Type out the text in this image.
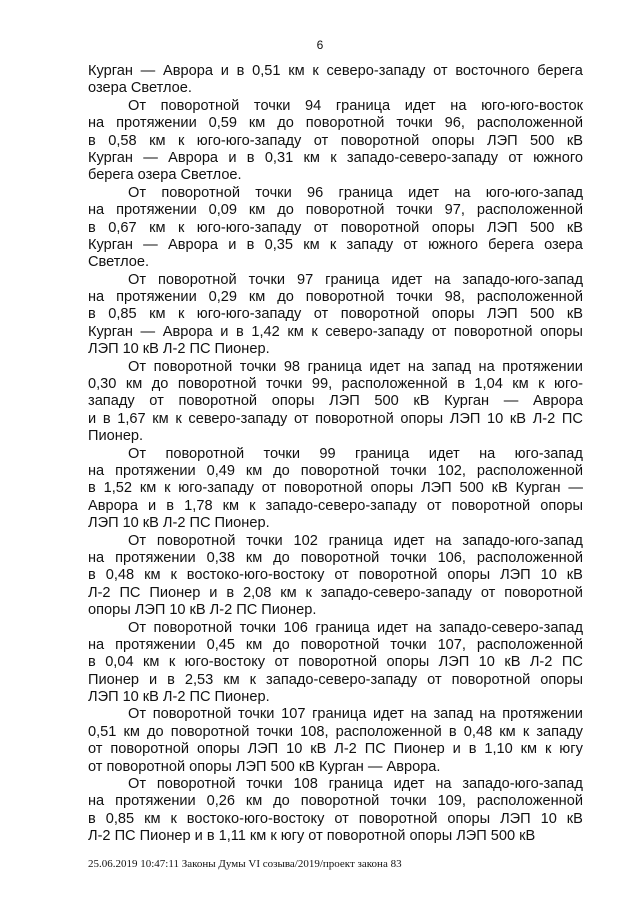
6
Курган — Аврора и в 0,51 км к северо-западу от восточного берега
озера Светлое.
От поворотной точки 94 граница идет на юго-юго-восток
на протяжении 0,59 км до поворотной точки 96, расположенной
в 0,58 км к юго-юго-западу от поворотной опоры ЛЭП 500 кВ
Курган — Аврора и в 0,31 км к западо-северо-западу от южного
берега озера Светлое.
От поворотной точки 96 граница идет на юго-юго-запад
на протяжении 0,09 км до поворотной точки 97, расположенной
в 0,67 км к юго-юго-западу от поворотной опоры ЛЭП 500 кВ
Курган — Аврора и в 0,35 км к западу от южного берега озера
Светлое.
От поворотной точки 97 граница идет на западо-юго-запад
на протяжении 0,29 км до поворотной точки 98, расположенной
в 0,85 км к юго-юго-западу от поворотной опоры ЛЭП 500 кВ
Курган — Аврора и в 1,42 км к северо-западу от поворотной опоры
ЛЭП 10 кВ Л-2 ПС Пионер.
От поворотной точки 98 граница идет на запад на протяжении
0,30 км до поворотной точки 99, расположенной в 1,04 км к юго-
западу от поворотной опоры ЛЭП 500 кВ Курган — Аврора
и в 1,67 км к северо-западу от поворотной опоры ЛЭП 10 кВ Л-2 ПС
Пионер.
От поворотной точки 99 граница идет на юго-запад
на протяжении 0,49 км до поворотной точки 102, расположенной
в 1,52 км к юго-западу от поворотной опоры ЛЭП 500 кВ Курган —
Аврора и в 1,78 км к западо-северо-западу от поворотной опоры
ЛЭП 10 кВ Л-2 ПС Пионер.
От поворотной точки 102 граница идет на западо-юго-запад
на протяжении 0,38 км до поворотной точки 106, расположенной
в 0,48 км к востоко-юго-востоку от поворотной опоры ЛЭП 10 кВ
Л-2 ПС Пионер и в 2,08 км к западо-северо-западу от поворотной
опоры ЛЭП 10 кВ Л-2 ПС Пионер.
От поворотной точки 106 граница идет на западо-северо-запад
на протяжении 0,45 км до поворотной точки 107, расположенной
в 0,04 км к юго-востоку от поворотной опоры ЛЭП 10 кВ Л-2 ПС
Пионер и в 2,53 км к западо-северо-западу от поворотной опоры
ЛЭП 10 кВ Л-2 ПС Пионер.
От поворотной точки 107 граница идет на запад на протяжении
0,51 км до поворотной точки 108, расположенной в 0,48 км к западу
от поворотной опоры ЛЭП 10 кВ Л-2 ПС Пионер и в 1,10 км к югу
от поворотной опоры ЛЭП 500 кВ Курган — Аврора.
От поворотной точки 108 граница идет на западо-юго-запад
на протяжении 0,26 км до поворотной точки 109, расположенной
в 0,85 км к востоко-юго-востоку от поворотной опоры ЛЭП 10 кВ
Л-2 ПС Пионер и в 1,11 км к югу от поворотной опоры ЛЭП 500 кВ
25.06.2019 10:47:11 Законы Думы VI созыва/2019/проект закона 83
